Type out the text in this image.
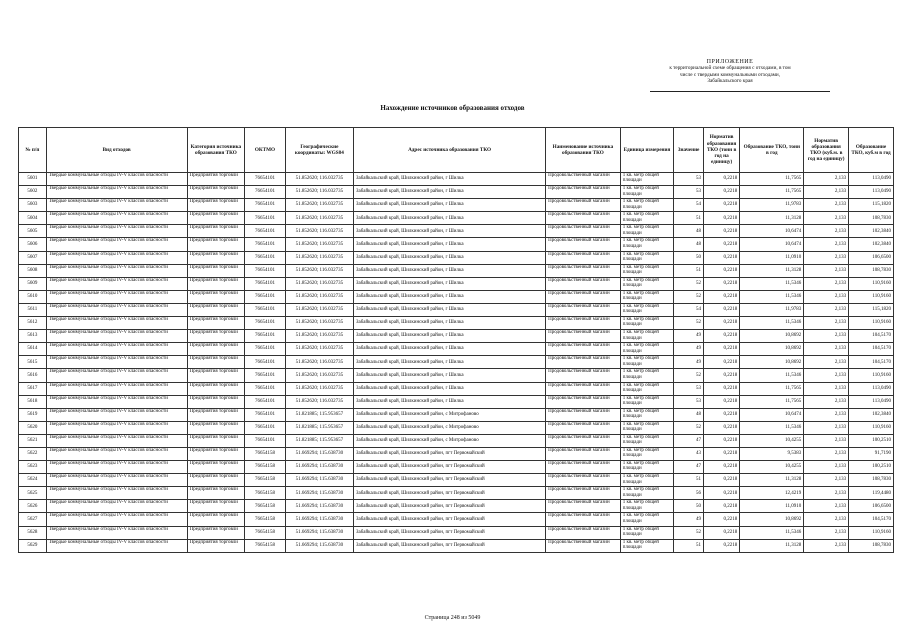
ПРИЛОЖЕНИЕ
к территориальной схеме обращения с отходами, в том
числе с твердыми коммунальными отходами,
Забайкальского края
Нахождение источников образования отходов
№ п/п	Вид отходов	Категория источника образования ТКО	ОКТМО	Географические координаты: WGS84	Адрес источника образования ТКО	Наименование источника образования ТКО	Единица измерения	Значение	Норматив образования ТКО (тонн в год на единицу)	Образование ТКО, тонн в год	Норматив образования ТКО (куб.м. в год на единицу)	Образование ТКО, куб.м в год
5601	Твердые коммунальные отходы IV-V классов опасности	Предприятия торговли	76654101	51.852620; 116.032735	Забайкальский край, Шилкинский район, г Шилка	Продовольственный магазин	1 кв. метр общей площади	53	0,2218	11,7565	2,133	113,0490
5602	Твердые коммунальные отходы IV-V классов опасности	Предприятия торговли	76654101	51.852620; 116.032735	Забайкальский край, Шилкинский район, г Шилка	Продовольственный магазин	1 кв. метр общей площади	53	0,2218	11,7565	2,133	113,0490
5603	Твердые коммунальные отходы IV-V классов опасности	Предприятия торговли	76654101	51.852620; 116.032735	Забайкальский край, Шилкинский район, г Шилка	Продовольственный магазин	1 кв. метр общей площади	54	0,2218	11,9783	2,133	115,1820
5604	Твердые коммунальные отходы IV-V классов опасности	Предприятия торговли	76654101	51.852620; 116.032735	Забайкальский край, Шилкинский район, г Шилка	Продовольственный магазин	1 кв. метр общей площади	51	0,2218	11,3128	2,133	108,7830
5605	Твердые коммунальные отходы IV-V классов опасности	Предприятия торговли	76654101	51.852620; 116.032735	Забайкальский край, Шилкинский район, г Шилка	Продовольственный магазин	1 кв. метр общей площади	48	0,2218	10,6474	2,133	102,3840
5606	Твердые коммунальные отходы IV-V классов опасности	Предприятия торговли	76654101	51.852620; 116.032735	Забайкальский край, Шилкинский район, г Шилка	Продовольственный магазин	1 кв. метр общей площади	48	0,2218	10,6474	2,133	102,3840
5607	Твердые коммунальные отходы IV-V классов опасности	Предприятия торговли	76654101	51.852620; 116.032735	Забайкальский край, Шилкинский район, г Шилка	Продовольственный магазин	1 кв. метр общей площади	50	0,2218	11,0910	2,133	106,6500
5608	Твердые коммунальные отходы IV-V классов опасности	Предприятия торговли	76654101	51.852620; 116.032735	Забайкальский край, Шилкинский район, г Шилка	Продовольственный магазин	1 кв. метр общей площади	51	0,2218	11,3128	2,133	108,7830
5609	Твердые коммунальные отходы IV-V классов опасности	Предприятия торговли	76654101	51.852620; 116.032735	Забайкальский край, Шилкинский район, г Шилка	Продовольственный магазин	1 кв. метр общей площади	52	0,2218	11,5346	2,133	110,9160
5610	Твердые коммунальные отходы IV-V классов опасности	Предприятия торговли	76654101	51.852620; 116.032735	Забайкальский край, Шилкинский район, г Шилка	Продовольственный магазин	1 кв. метр общей площади	52	0,2218	11,5346	2,133	110,9160
5611	Твердые коммунальные отходы IV-V классов опасности	Предприятия торговли	76654101	51.852620; 116.032735	Забайкальский край, Шилкинский район, г Шилка	Продовольственный магазин	1 кв. метр общей площади	54	0,2218	11,9783	2,133	115,1820
5612	Твердые коммунальные отходы IV-V классов опасности	Предприятия торговли	76654101	51.852620; 116.032735	Забайкальский край, Шилкинский район, г Шилка	Продовольственный магазин	1 кв. метр общей площади	52	0,2218	11,5346	2,133	110,9160
5613	Твердые коммунальные отходы IV-V классов опасности	Предприятия торговли	76654101	51.852620; 116.032735	Забайкальский край, Шилкинский район, г Шилка	Продовольственный магазин	1 кв. метр общей площади	49	0,2218	10,8692	2,133	104,5170
5614	Твердые коммунальные отходы IV-V классов опасности	Предприятия торговли	76654101	51.852620; 116.032735	Забайкальский край, Шилкинский район, г Шилка	Продовольственный магазин	1 кв. метр общей площади	49	0,2218	10,8692	2,133	104,5170
5615	Твердые коммунальные отходы IV-V классов опасности	Предприятия торговли	76654101	51.852620; 116.032735	Забайкальский край, Шилкинский район, г Шилка	Продовольственный магазин	1 кв. метр общей площади	49	0,2218	10,8692	2,133	104,5170
5616	Твердые коммунальные отходы IV-V классов опасности	Предприятия торговли	76654101	51.852620; 116.032735	Забайкальский край, Шилкинский район, г Шилка	Продовольственный магазин	1 кв. метр общей площади	52	0,2218	11,5346	2,133	110,9160
5617	Твердые коммунальные отходы IV-V классов опасности	Предприятия торговли	76654101	51.852620; 116.032735	Забайкальский край, Шилкинский район, г Шилка	Продовольственный магазин	1 кв. метр общей площади	53	0,2218	11,7565	2,133	113,0490
5618	Твердые коммунальные отходы IV-V классов опасности	Предприятия торговли	76654101	51.852620; 116.032735	Забайкальский край, Шилкинский район, г Шилка	Продовольственный магазин	1 кв. метр общей площади	53	0,2218	11,7565	2,133	113,0490
5619	Твердые коммунальные отходы IV-V классов опасности	Предприятия торговли	76654101	51.821885; 115.953657	Забайкальский край, Шилкинский район, с Митрофаново	Продовольственный магазин	1 кв. метр общей площади	48	0,2218	10,6474	2,133	102,3840
5620	Твердые коммунальные отходы IV-V классов опасности	Предприятия торговли	76654101	51.821885; 115.953657	Забайкальский край, Шилкинский район, с Митрофаново	Продовольственный магазин	1 кв. метр общей площади	52	0,2218	11,5346	2,133	110,9160
5621	Твердые коммунальные отходы IV-V классов опасности	Предприятия торговли	76654101	51.821885; 115.953657	Забайкальский край, Шилкинский район, с Митрофаново	Продовольственный магазин	1 кв. метр общей площади	47	0,2218	10,4255	2,133	100,2510
5622	Твердые коммунальные отходы IV-V классов опасности	Предприятия торговли	76654158	51.669294; 115.638730	Забайкальский край, Шилкинский район, пгт Первомайский	Продовольственный магазин	1 кв. метр общей площади	43	0,2218	9,5383	2,133	91,7190
5623	Твердые коммунальные отходы IV-V классов опасности	Предприятия торговли	76654158	51.669294; 115.638730	Забайкальский край, Шилкинский район, пгт Первомайский	Продовольственный магазин	1 кв. метр общей площади	47	0,2218	10,4255	2,133	100,2510
5624	Твердые коммунальные отходы IV-V классов опасности	Предприятия торговли	76654158	51.669294; 115.638730	Забайкальский край, Шилкинский район, пгт Первомайский	Продовольственный магазин	1 кв. метр общей площади	51	0,2218	11,3128	2,133	108,7830
5625	Твердые коммунальные отходы IV-V классов опасности	Предприятия торговли	76654158	51.669294; 115.638730	Забайкальский край, Шилкинский район, пгт Первомайский	Продовольственный магазин	1 кв. метр общей площади	56	0,2218	12,4219	2,133	119,4480
5626	Твердые коммунальные отходы IV-V классов опасности	Предприятия торговли	76654158	51.669294; 115.638730	Забайкальский край, Шилкинский район, пгт Первомайский	Продовольственный магазин	1 кв. метр общей площади	50	0,2218	11,0910	2,133	106,6500
5627	Твердые коммунальные отходы IV-V классов опасности	Предприятия торговли	76654158	51.669294; 115.638730	Забайкальский край, Шилкинский район, пгт Первомайский	Продовольственный магазин	1 кв. метр общей площади	49	0,2218	10,8692	2,133	104,5170
5628	Твердые коммунальные отходы IV-V классов опасности	Предприятия торговли	76654158	51.669294; 115.638730	Забайкальский край, Шилкинский район, пгт Первомайский	Продовольственный магазин	1 кв. метр общей площади	52	0,2218	11,5346	2,133	110,9160
5629	Твердые коммунальные отходы IV-V классов опасности	Предприятия торговли	76654158	51.669294; 115.638730	Забайкальский край, Шилкинский район, пгт Первомайский	Продовольственный магазин	1 кв. метр общей площади	51	0,2218	11,3128	2,133	108,7830
Страница 248 из 5049
